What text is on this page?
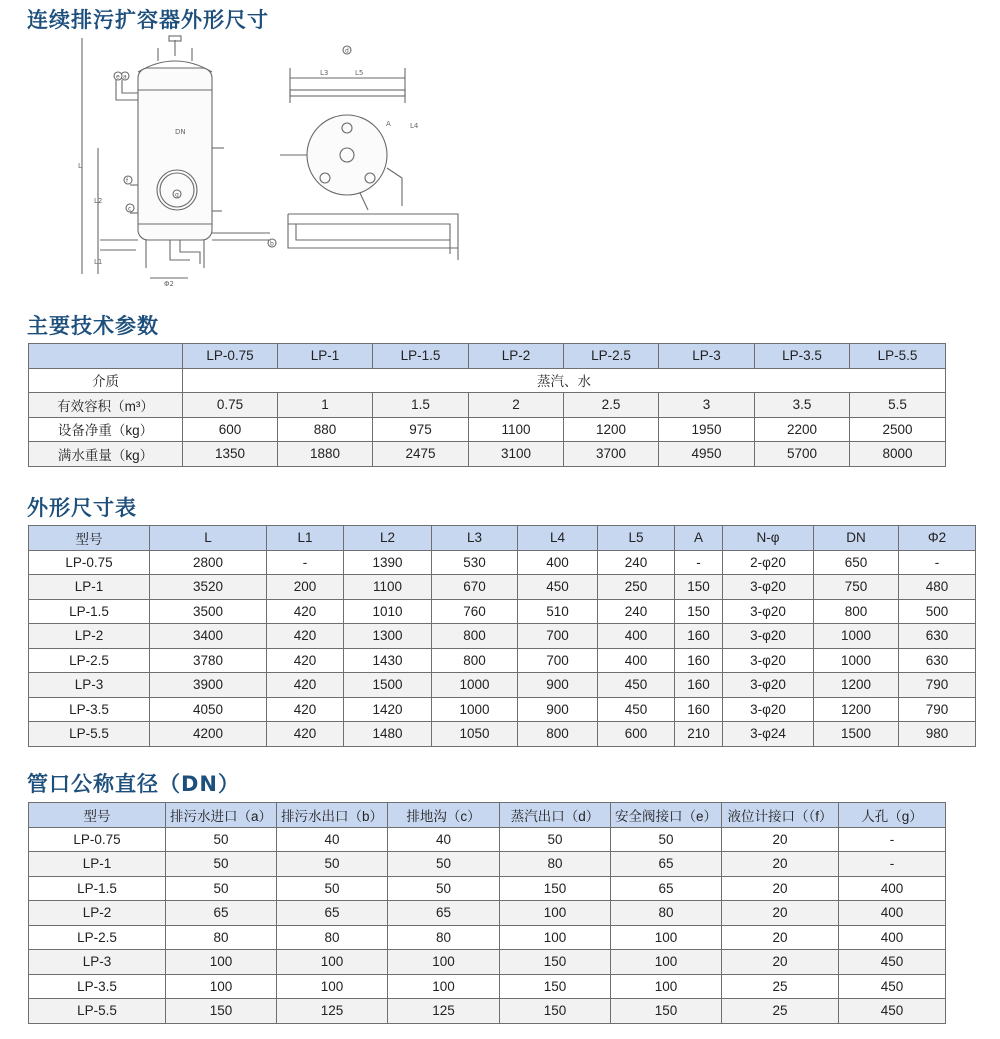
连续排污扩容器外形尺寸
DN
L
L1
L2
L3
L4
L5
A
Φ2
a
b
c
d
e
f
g
主要技术参数
	LP-0.75	LP-1	LP-1.5	LP-2	LP-2.5	LP-3	LP-3.5	LP-5.5
介质	蒸汽、水							
有效容积（m³）	0.75	1	1.5	2	2.5	3	3.5	5.5
设备净重（kg）	600	880	975	1100	1200	1950	2200	2500
满水重量（kg）	1350	1880	2475	3100	3700	4950	5700	8000
外形尺寸表
型号	L	L1	L2	L3	L4	L5	A	N-φ	DN	Φ2
LP-0.75	2800	-	1390	530	400	240	-	2-φ20	650	-
LP-1	3520	200	1100	670	450	250	150	3-φ20	750	480
LP-1.5	3500	420	1010	760	510	240	150	3-φ20	800	500
LP-2	3400	420	1300	800	700	400	160	3-φ20	1000	630
LP-2.5	3780	420	1430	800	700	400	160	3-φ20	1000	630
LP-3	3900	420	1500	1000	900	450	160	3-φ20	1200	790
LP-3.5	4050	420	1420	1000	900	450	160	3-φ20	1200	790
LP-5.5	4200	420	1480	1050	800	600	210	3-φ24	1500	980
管口公称直径（DN）
型号	排污水进口（a）	排污水出口（b）	排地沟（c）	蒸汽出口（d）	安全阀接口（e）	液位计接口（（f）	人孔（g）
LP-0.75	50	40	40	50	50	20	-
LP-1	50	50	50	80	65	20	-
LP-1.5	50	50	50	150	65	20	400
LP-2	65	65	65	100	80	20	400
LP-2.5	80	80	80	100	100	20	400
LP-3	100	100	100	150	100	20	450
LP-3.5	100	100	100	150	100	25	450
LP-5.5	150	125	125	150	150	25	450
